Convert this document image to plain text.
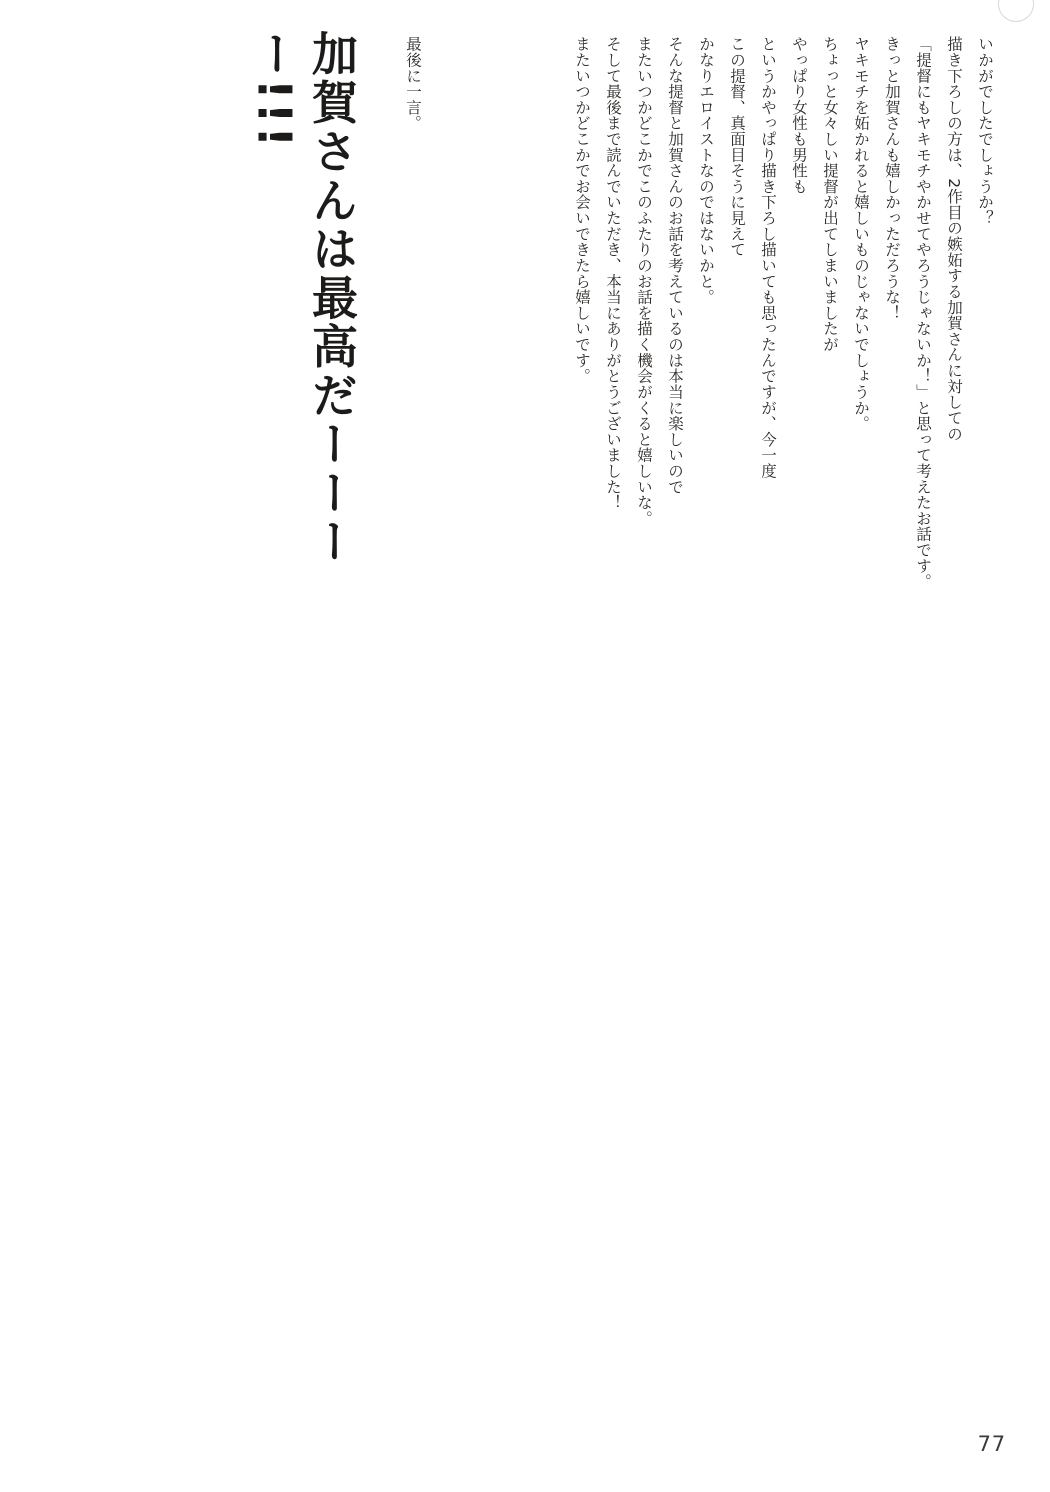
いかがでしたでしょうか？
描き下ろしの方は、2作目の嫉妬する加賀さんに対しての
「提督にもヤキモチやかせてやろうじゃないか！」と思って考えたお話です。
きっと加賀さんも嬉しかっただろうな！
ヤキモチを妬かれると嬉しいものじゃないでしょうか。
ちょっと女々しい提督が出てしまいましたが
やっぱり女性も男性も
というかやっぱり描き下ろし描いても思ったんですが、今一度
この提督、真面目そうに見えて
かなりエロイストなのではないかと。
そんな提督と加賀さんのお話を考えているのは本当に楽しいので
またいつかどこかでこのふたりのお話を描く機会がくると嬉しいな。
そして最後まで読んでいただき、本当にありがとうございました！
またいつかどこかでお会いできたら嬉しいです。
最後に一言。
加賀さんは最高だーーーー!!!
77
